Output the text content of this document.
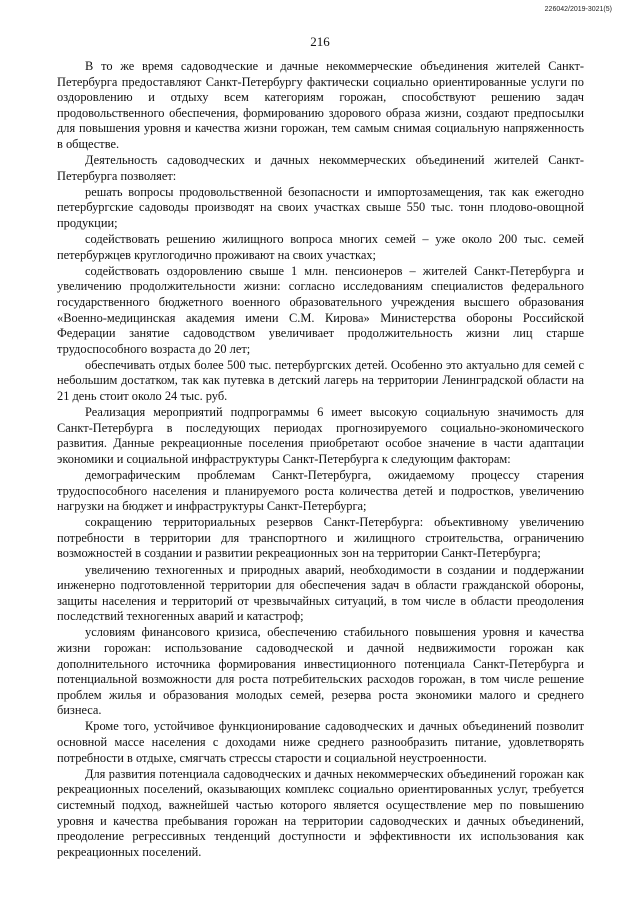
226042/2019-3021(5)
216

В то же время садоводческие и дачные некоммерческие объединения жителей Санкт-Петербурга предоставляют Санкт-Петербургу фактически социально ориентированные услуги по оздоровлению и отдыху всем категориям горожан, способствуют решению задач продовольственного обеспечения, формированию здорового образа жизни, создают предпосылки для повышения уровня и качества жизни горожан, тем самым снимая социальную напряженность в обществе.

Деятельность садоводческих и дачных некоммерческих объединений жителей Санкт-Петербурга позволяет:

решать вопросы продовольственной безопасности и импортозамещения, так как ежегодно петербургские садоводы производят на своих участках свыше 550 тыс. тонн плодово-овощной продукции;

содействовать решению жилищного вопроса многих семей – уже около 200 тыс. семей петербуржцев круглогодично проживают на своих участках;

содействовать оздоровлению свыше 1 млн. пенсионеров – жителей Санкт-Петербурга и увеличению продолжительности жизни: согласно исследованиям специалистов федерального государственного бюджетного военного образовательного учреждения высшего образования «Военно-медицинская академия имени С.М. Кирова» Министерства обороны Российской Федерации занятие садоводством увеличивает продолжительность жизни лиц старше трудоспособного возраста до 20 лет;

обеспечивать отдых более 500 тыс. петербургских детей. Особенно это актуально для семей с небольшим достатком, так как путевка в детский лагерь на территории Ленинградской области на 21 день стоит около 24 тыс. руб.

Реализация мероприятий подпрограммы 6 имеет высокую социальную значимость для Санкт-Петербурга в последующих периодах прогнозируемого социально-экономического развития. Данные рекреационные поселения приобретают особое значение в части адаптации экономики и социальной инфраструктуры Санкт-Петербурга к следующим факторам:

демографическим проблемам Санкт-Петербурга, ожидаемому процессу старения трудоспособного населения и планируемого роста количества детей и подростков, увеличению нагрузки на бюджет и инфраструктуры Санкт-Петербурга;

сокращению территориальных резервов Санкт-Петербурга: объективному увеличению потребности в территории для транспортного и жилищного строительства, ограничению возможностей в создании и развитии рекреационных зон на территории Санкт-Петербурга;

увеличению техногенных и природных аварий, необходимости в создании и поддержании инженерно подготовленной территории для обеспечения задач в области гражданской обороны, защиты населения и территорий от чрезвычайных ситуаций, в том числе в области преодоления последствий техногенных аварий и катастроф;

условиям финансового кризиса, обеспечению стабильного повышения уровня и качества жизни горожан: использование садоводческой и дачной недвижимости горожан как дополнительного источника формирования инвестиционного потенциала Санкт-Петербурга и потенциальной возможности для роста потребительских расходов горожан, в том числе решение проблем жилья и образования молодых семей, резерва роста экономики малого и среднего бизнеса.

Кроме того, устойчивое функционирование садоводческих и дачных объединений позволит основной массе населения с доходами ниже среднего разнообразить питание, удовлетворять потребности в отдыхе, смягчать стрессы старости и социальной неустроенности.

Для развития потенциала садоводческих и дачных некоммерческих объединений горожан как рекреационных поселений, оказывающих комплекс социально ориентированных услуг, требуется системный подход, важнейшей частью которого является осуществление мер по повышению уровня и качества пребывания горожан на территории садоводческих и дачных объединений, преодоление регрессивных тенденций доступности и эффективности их использования как рекреационных поселений.
